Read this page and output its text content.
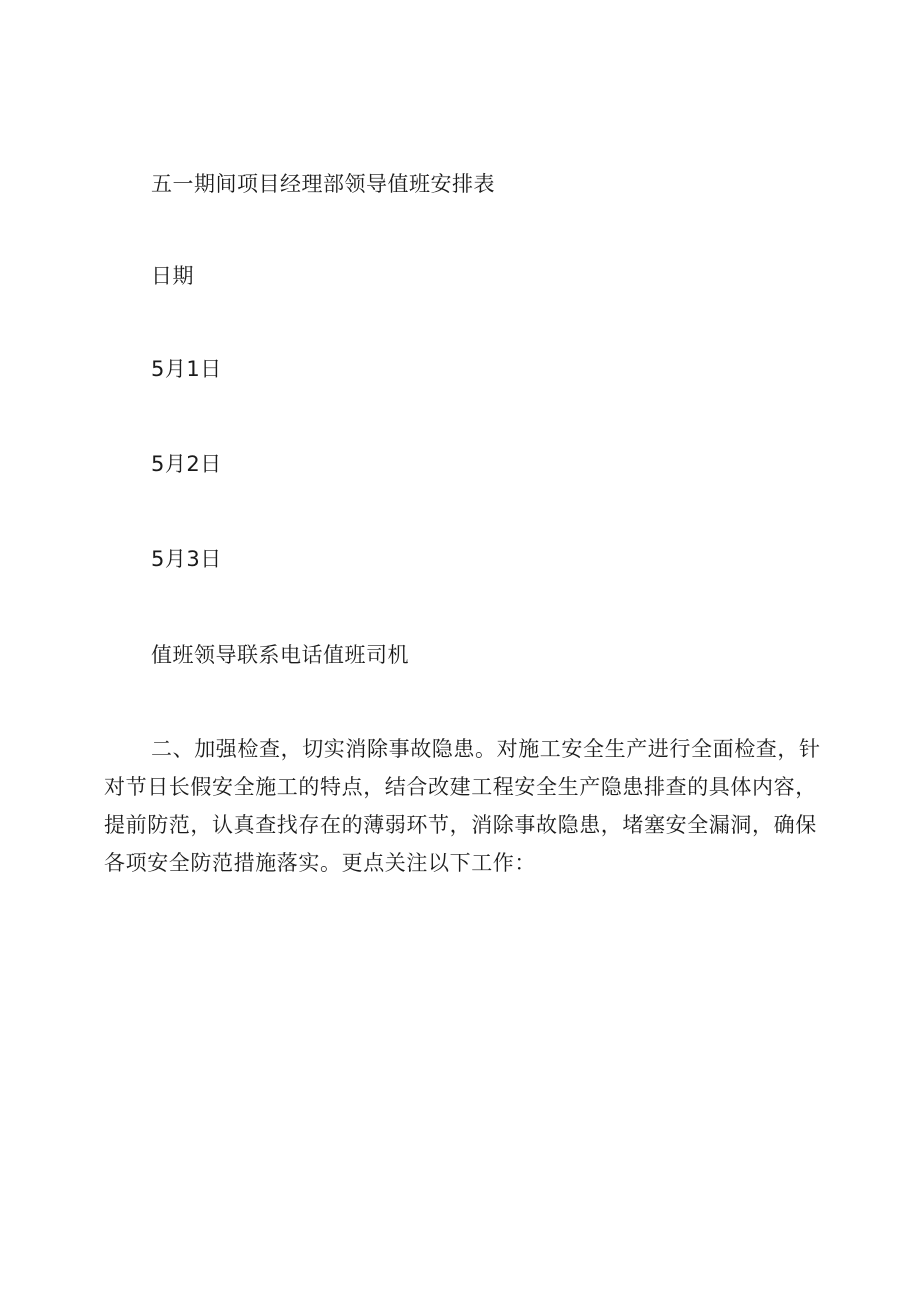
五一期间项目经理部领导值班安排表
日期
5月1日
5月2日
5月3日
值班领导联系电话值班司机
二、加强检查，切实消除事故隐患。对施工安全生产进行全面检查，针
对节日长假安全施工的特点，结合改建工程安全生产隐患排查的具体内容，
提前防范，认真查找存在的薄弱环节，消除事故隐患，堵塞安全漏洞，确保
各项安全防范措施落实。更点关注以下工作：
